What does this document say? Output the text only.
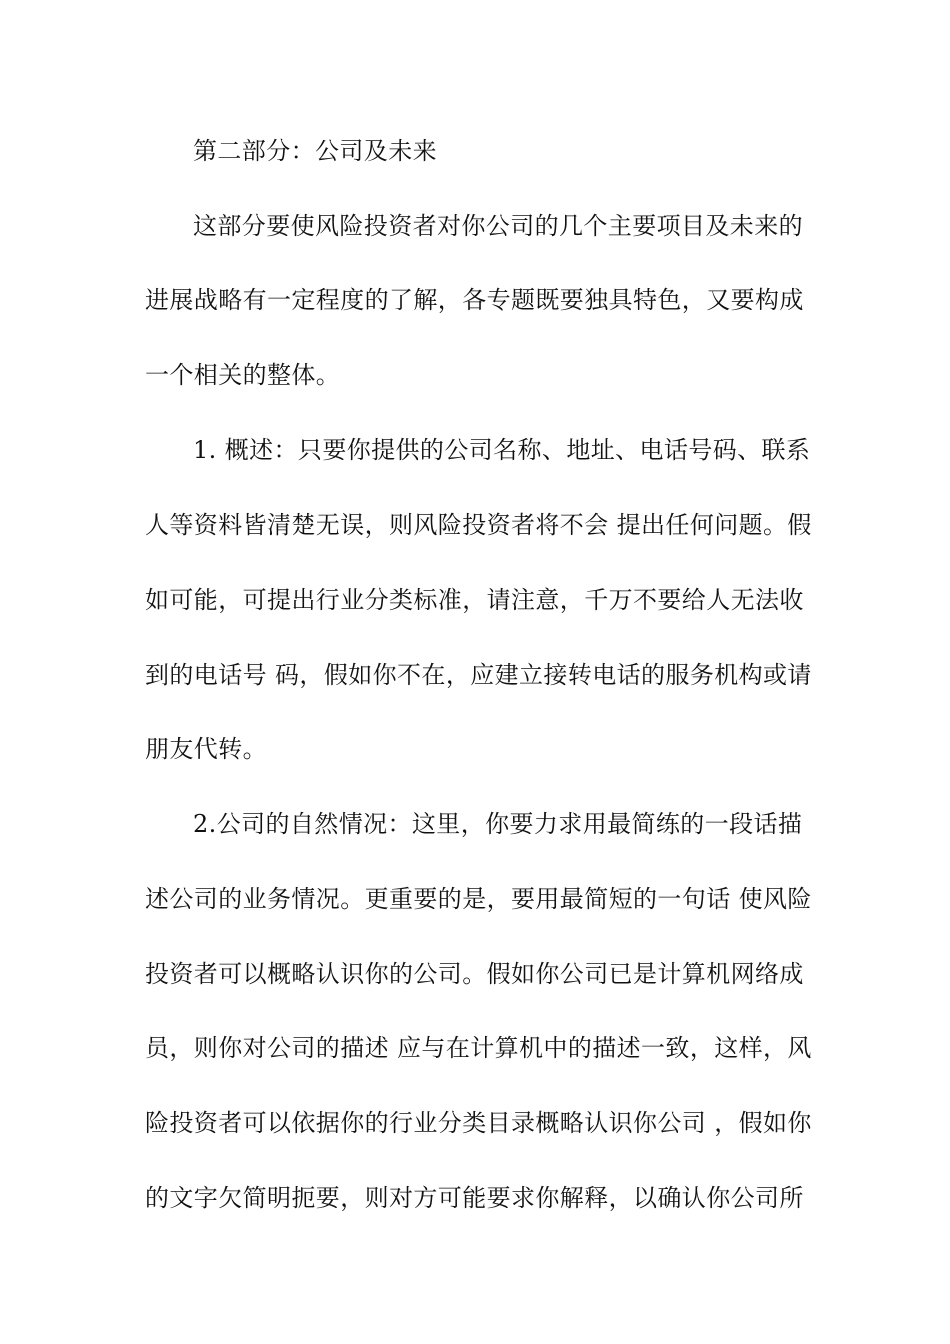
第二部分：公司及未来
这部分要使风险投资者对你公司的几个主要项目及未来的
进展战略有一定程度的了解，各专题既要独具特色，又要构成
一个相关的整体。
1. 概述：只要你提供的公司名称、地址、电话号码、联系
人等资料皆清楚无误，则风险投资者将不会 提出任何问题。假
如可能，可提出行业分类标准，请注意，千万不要给人无法收
到的电话号 码，假如你不在，应建立接转电话的服务机构或请
朋友代转。
2.公司的自然情况：这里，你要力求用最简练的一段话描
述公司的业务情况。更重要的是，要用最简短的一句话 使风险
投资者可以概略认识你的公司。假如你公司已是计算机网络成
员，则你对公司的描述 应与在计算机中的描述一致，这样，风
险投资者可以依据你的行业分类目录概略认识你公司 ，假如你
的文字欠简明扼要，则对方可能要求你解释，以确认你公司所
